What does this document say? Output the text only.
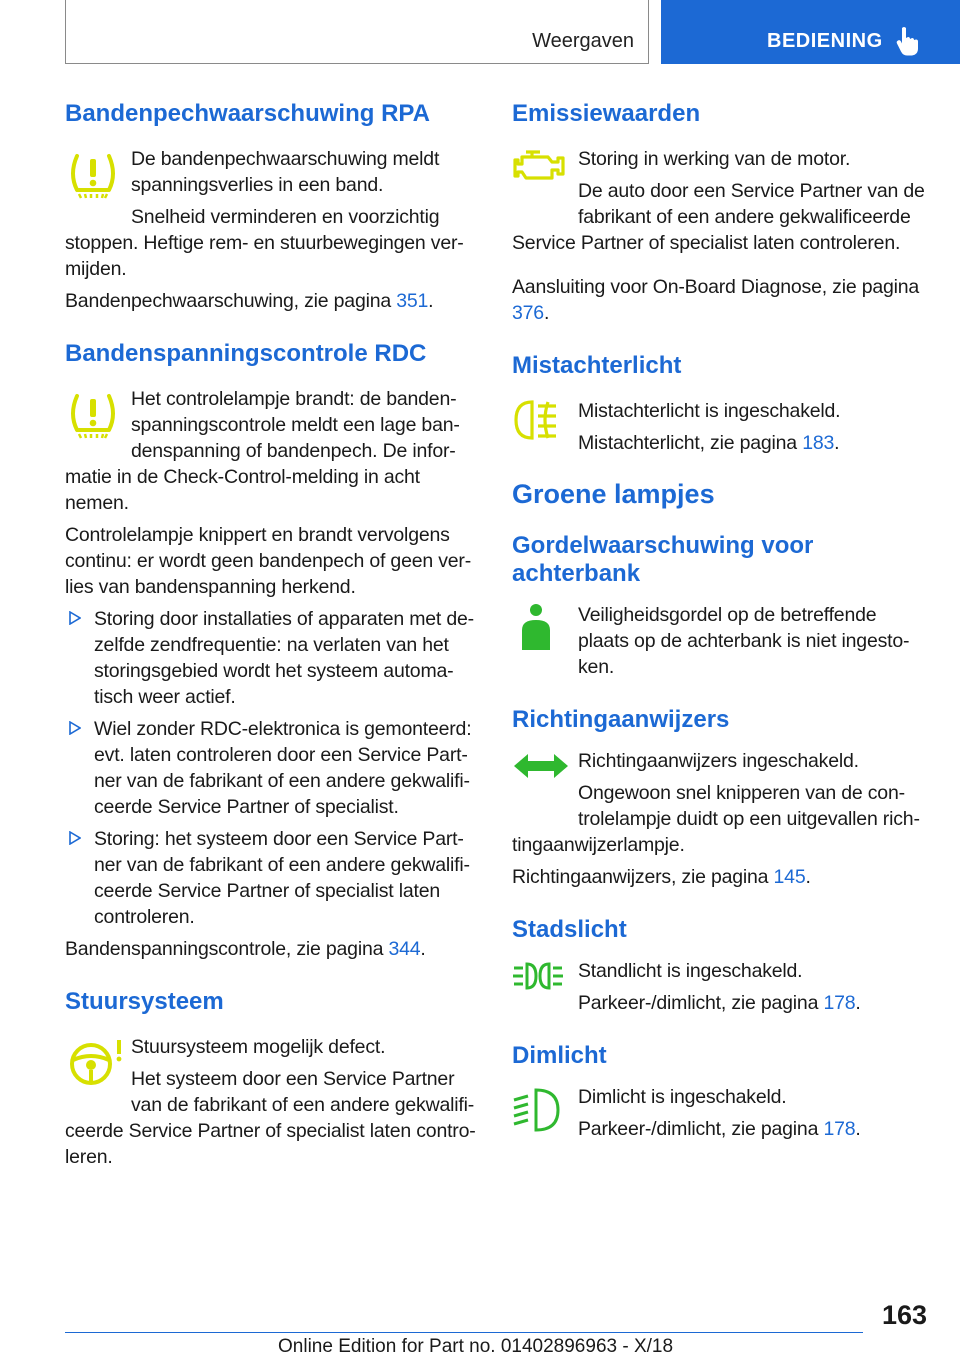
Weergaven	BEDIENING
Bandenpechwaarschuwing RPA

De bandenpechwaarschuwing meldt spanningsverlies in een band.

Snelheid verminderen en voorzichtig stoppen. Heftige rem- en stuurbewegingen vermijden.

Bandenpechwaarschuwing, zie pagina 351.

Bandenspanningscontrole RDC

Het controlelampje brandt: de bandenspanningscontrole meldt een lage bandenspanning of bandenpech. De informatie in de Check-Control-melding in acht nemen.

Controlelampje knippert en brandt vervolgens continu: er wordt geen bandenpech of geen verlies van bandenspanning herkend.

Storing door installaties of apparaten met dezelfde zendfrequentie: na verlaten van het storingsgebied wordt het systeem automatisch weer actief.

Wiel zonder RDC-elektronica is gemonteerd: evt. laten controleren door een Service Partner van de fabrikant of een andere gekwalificeerde Service Partner of specialist.

Storing: het systeem door een Service Partner van de fabrikant of een andere gekwalificeerde Service Partner of specialist laten controleren.

Bandenspanningscontrole, zie pagina 344.

Stuursysteem

Stuursysteem mogelijk defect.

Het systeem door een Service Partner van de fabrikant of een andere gekwalificeerde Service Partner of specialist laten controleren.

Emissiewaarden

Storing in werking van de motor.

De auto door een Service Partner van de fabrikant of een andere gekwalificeerde Service Partner of specialist laten controleren.

Aansluiting voor On-Board Diagnose, zie pagina 376.

Mistachterlicht

Mistachterlicht is ingeschakeld.

Mistachterlicht, zie pagina 183.

Groene lampjes
Gordelwaarschuwing voor achterbank

Veiligheidsgordel op de betreffende plaats op de achterbank is niet ingestoken.

Richtingaanwijzers

Richtingaanwijzers ingeschakeld.

Ongewoon snel knipperen van de controlelampje duidt op een uitgevallen richtingaanwijzerlampje.

Richtingaanwijzers, zie pagina 145.

Stadslicht

Standlicht is ingeschakeld.

Parkeer-/dimlicht, zie pagina 178.

Dimlicht

Dimlicht is ingeschakeld.

Parkeer-/dimlicht, zie pagina 178.

163
Online Edition for Part no. 01402896963 - X/18
